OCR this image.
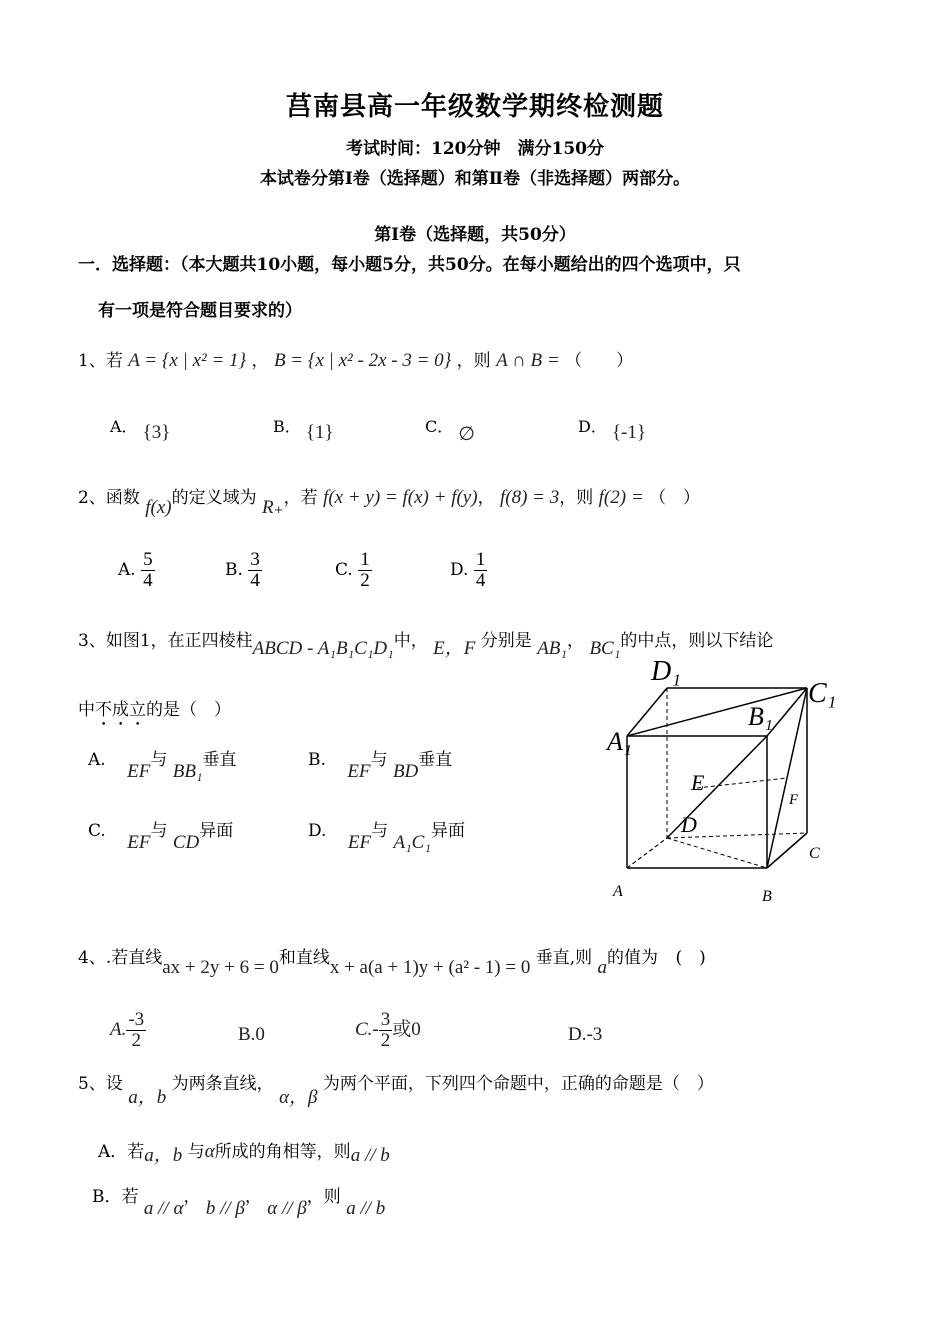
莒南县高一年级数学期终检测题
考试时间：120分钟　满分150分
本试卷分第Ⅰ卷（选择题）和第Ⅱ卷（非选择题）两部分。
第Ⅰ卷（选择题，共50分）
一．选择题：（本大题共10小题，每小题5分，共50分。在每小题给出的四个选项中，只
有一项是符合题目要求的）
1、若 A = {x | x² = 1} ， B = {x | x² - 2x - 3 = 0} ，则 A ∩ B = （　　）
A． {3}	B． {1}	C． ∅	D． {-1}
2、函数 f(x)的定义域为 R₊，若 f(x + y) = f(x) + f(y)， f(8) = 3，则 f(2) = （　）
A. $\frac{5}{4}$	B. $\frac{3}{4}$	C. $\frac{1}{2}$	D. $\frac{1}{4}$
3、如图1，在正四棱柱ABCD - A₁B₁C₁D₁中， E，F 分别是 AB₁， BC₁的中点，则以下结论
中不成立的是（　）
A. EF与 BB₁垂直	B. EF与 BD垂直
C. EF与 CD异面	D. EF与 A₁C₁异面
A	B
C
D
A₁
B₁
C₁
D₁
E
F
4、.若直线ax + 2y + 6 = 0和直线x + a(a + 1)y + (a² - 1) = 0 垂直,则 a的值为 (　)
A. $\frac{-3}{2}$	B.0	$C.- \frac{3}{2}$ 或0	D.-3
5、设 a，b 为两条直线， α，β 为两个平面，下列四个命题中，正确的命题是（　）
A．若a，b 与α所成的角相等，则a // b
B．若 a // α， b // β， α // β，则 a // b
